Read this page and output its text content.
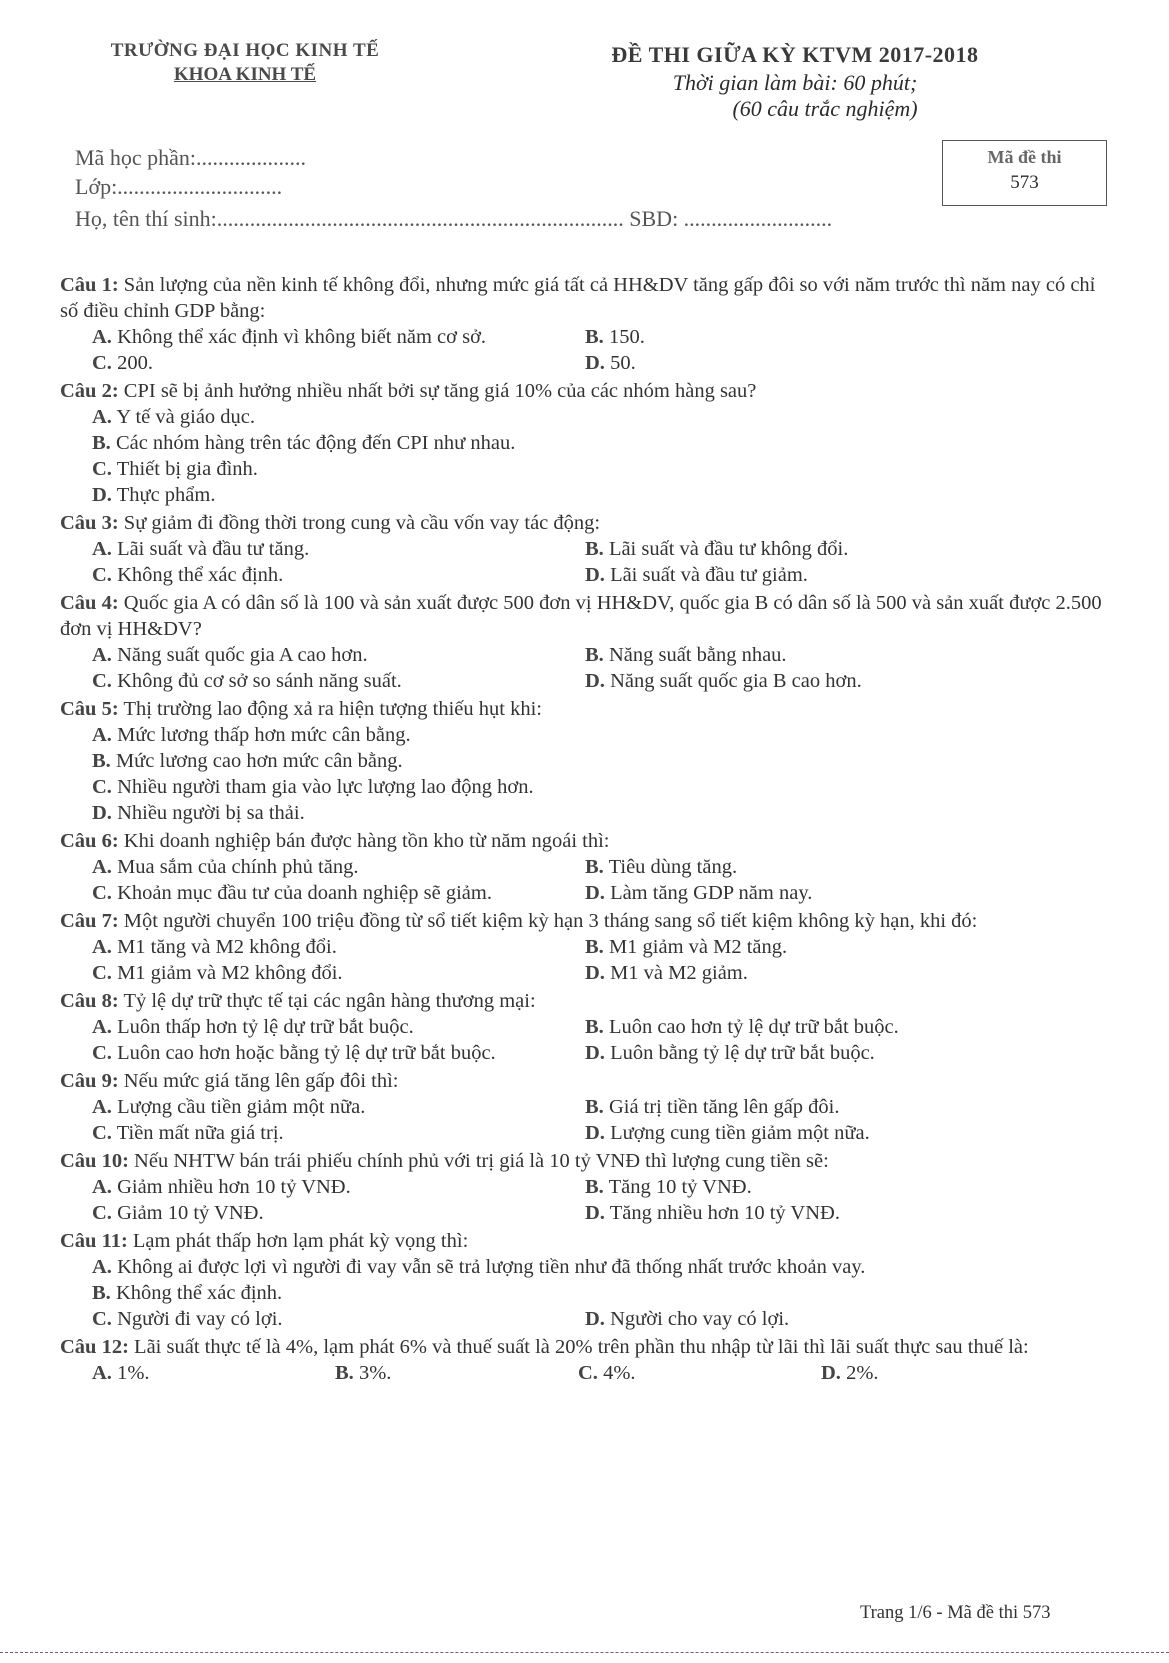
TRƯỜNG ĐẠI HỌC KINH TẾ
KHOA KINH TẾ
ĐỀ THI GIỮA KỲ KTVM 2017-2018
Thời gian làm bài: 60 phút;
(60 câu trắc nghiệm)
Mã đề thi
573
Mã học phần:....................
Lớp:..............................
Họ, tên thí sinh:.......................................................................... SBD: ...........................
Câu 1: Sản lượng của nền kinh tế không đổi, nhưng mức giá tất cả HH&DV tăng gấp đôi so với năm trước thì năm nay có chỉ số điều chỉnh GDP bằng:
A. Không thể xác định vì không biết năm cơ sở.	B. 150.
C. 200.	D. 50.
Câu 2: CPI sẽ bị ảnh hưởng nhiều nhất bởi sự tăng giá 10% của các nhóm hàng sau?
A. Y tế và giáo dục.
B. Các nhóm hàng trên tác động đến CPI như nhau.
C. Thiết bị gia đình.
D. Thực phẩm.
Câu 3: Sự giảm đi đồng thời trong cung và cầu vốn vay tác động:
A. Lãi suất và đầu tư tăng.	B. Lãi suất và đầu tư không đổi.
C. Không thể xác định.	D. Lãi suất và đầu tư giảm.
Câu 4: Quốc gia A có dân số là 100 và sản xuất được 500 đơn vị HH&DV, quốc gia B có dân số là 500 và sản xuất được 2.500 đơn vị HH&DV?
A. Năng suất quốc gia A cao hơn.	B. Năng suất bằng nhau.
C. Không đủ cơ sở so sánh năng suất.	D. Năng suất quốc gia B cao hơn.
Câu 5: Thị trường lao động xả ra hiện tượng thiếu hụt khi:
A. Mức lương thấp hơn mức cân bằng.
B. Mức lương cao hơn mức cân bằng.
C. Nhiều người tham gia vào lực lượng lao động hơn.
D. Nhiều người bị sa thải.
Câu 6: Khi doanh nghiệp bán được hàng tồn kho từ năm ngoái thì:
A. Mua sắm của chính phủ tăng.	B. Tiêu dùng tăng.
C. Khoản mục đầu tư của doanh nghiệp sẽ giảm.	D. Làm tăng GDP năm nay.
Câu 7: Một người chuyển 100 triệu đồng từ sổ tiết kiệm kỳ hạn 3 tháng sang sổ tiết kiệm không kỳ hạn, khi đó:
A. M1 tăng và M2 không đổi.	B. M1 giảm và M2 tăng.
C. M1 giảm và M2 không đổi.	D. M1 và M2 giảm.
Câu 8: Tỷ lệ dự trữ thực tế tại các ngân hàng thương mại:
A. Luôn thấp hơn tỷ lệ dự trữ bắt buộc.	B. Luôn cao hơn tỷ lệ dự trữ bắt buộc.
C. Luôn cao hơn hoặc bằng tỷ lệ dự trữ bắt buộc.	D. Luôn bằng tỷ lệ dự trữ bắt buộc.
Câu 9: Nếu mức giá tăng lên gấp đôi thì:
A. Lượng cầu tiền giảm một nữa.	B. Giá trị tiền tăng lên gấp đôi.
C. Tiền mất nữa giá trị.	D. Lượng cung tiền giảm một nữa.
Câu 10: Nếu NHTW bán trái phiếu chính phủ với trị giá là 10 tỷ VNĐ thì lượng cung tiền sẽ:
A. Giảm nhiều hơn 10 tỷ VNĐ.	B. Tăng 10 tỷ VNĐ.
C. Giảm 10 tỷ VNĐ.	D. Tăng nhiều hơn 10 tỷ VNĐ.
Câu 11: Lạm phát thấp hơn lạm phát kỳ vọng thì:
A. Không ai được lợi vì người đi vay vẫn sẽ trả lượng tiền như đã thống nhất trước khoản vay.
B. Không thể xác định.
C. Người đi vay có lợi.	D. Người cho vay có lợi.
Câu 12: Lãi suất thực tế là 4%, lạm phát 6% và thuế suất là 20% trên phần thu nhập từ lãi thì lãi suất thực sau thuế là:
A. 1%.	B. 3%.	C. 4%.	D. 2%.
Trang 1/6 - Mã đề thi 573
